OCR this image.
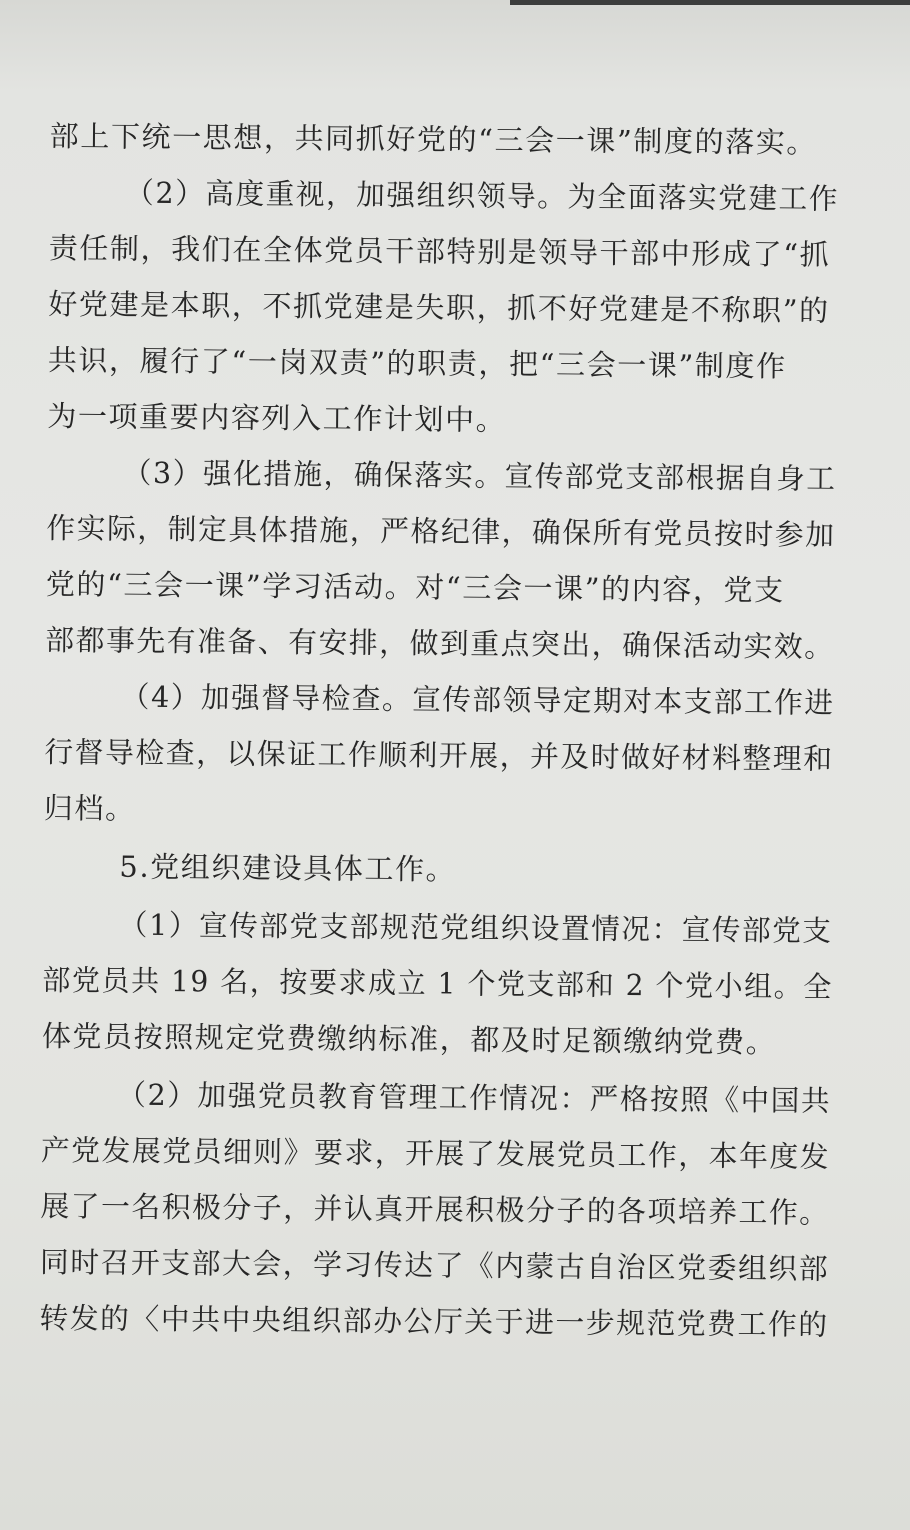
部上下统一思想，共同抓好党的“三会一课”制度的落实。
（2）高度重视，加强组织领导。为全面落实党建工作
责任制，我们在全体党员干部特别是领导干部中形成了“抓
好党建是本职，不抓党建是失职，抓不好党建是不称职”的
共识，履行了“一岗双责”的职责，把“三会一课”制度作
为一项重要内容列入工作计划中。
（3）强化措施，确保落实。宣传部党支部根据自身工
作实际，制定具体措施，严格纪律，确保所有党员按时参加
党的“三会一课”学习活动。对“三会一课”的内容，党支
部都事先有准备、有安排，做到重点突出，确保活动实效。
（4）加强督导检查。宣传部领导定期对本支部工作进
行督导检查，以保证工作顺利开展，并及时做好材料整理和
归档。
5.党组织建设具体工作。
（1）宣传部党支部规范党组织设置情况：宣传部党支
部党员共 19 名，按要求成立 1 个党支部和 2 个党小组。全
体党员按照规定党费缴纳标准，都及时足额缴纳党费。
（2）加强党员教育管理工作情况：严格按照《中国共
产党发展党员细则》要求，开展了发展党员工作，本年度发
展了一名积极分子，并认真开展积极分子的各项培养工作。
同时召开支部大会，学习传达了《内蒙古自治区党委组织部
转发的〈中共中央组织部办公厅关于进一步规范党费工作的
